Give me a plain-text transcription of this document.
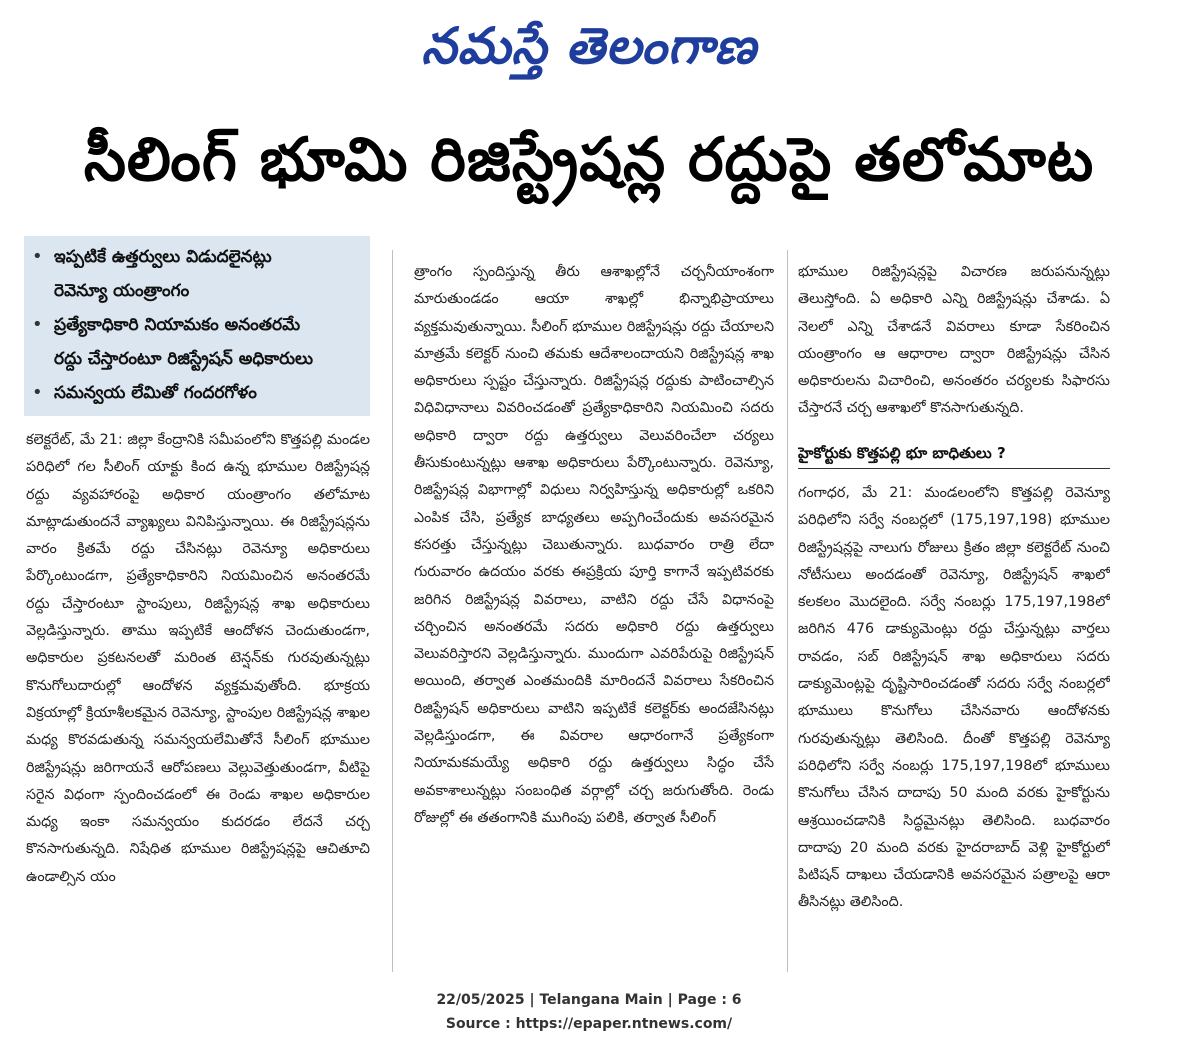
నమస్తే తెలంగాణ
సీలింగ్ భూమి రిజిస్ట్రేషన్ల రద్దుపై తలోమాట
• ఇప్పటికే ఉత్తర్వులు విడుదలైనట్లు
రెవెన్యూ యంత్రాంగం
• ప్రత్యేకాధికారి నియామకం అనంతరమే
రద్దు చేస్తారంటూ రిజిస్ట్రేషన్ అధికారులు
• సమన్వయ లేమితో గందరగోళం
కలెక్టరేట్, మే 21: జిల్లా కేంద్రానికి సమీపంలోని కొత్తపల్లి మండల పరిధిలో గల సీలింగ్ యాక్టు కింద ఉన్న భూముల రిజిస్ట్రేషన్ల రద్దు వ్యవహారంపై అధికార యంత్రాంగం తలోమాట మాట్లాడుతుందనే వ్యాఖ్యలు వినిపిస్తున్నాయి. ఈ రిజిస్ట్రేషన్లను వారం క్రితమే రద్దు చేసినట్లు రెవెన్యూ అధికారులు పేర్కొంటుండగా, ప్రత్యేకాధికారిని నియమించిన అనంతరమే రద్దు చేస్తారంటూ స్టాంపులు, రిజిస్ట్రేషన్ల శాఖ అధికారులు వెల్లడిస్తున్నారు. తాము ఇప్పటికే ఆందోళన చెందుతుండగా, అధికారుల ప్రకటనలతో మరింత టెన్షన్‌కు గురవుతున్నట్లు కొనుగోలుదారుల్లో ఆందోళన వ్యక్తమవుతోంది. భూక్రయ విక్రయాల్లో క్రియాశీలకమైన రెవెన్యూ, స్టాంపుల రిజిస్ట్రేషన్ల శాఖల మధ్య కొరవడుతున్న సమన్వయలేమితోనే సీలింగ్ భూముల రిజిస్ట్రేషన్లు జరిగాయనే ఆరోపణలు వెల్లువెత్తుతుండగా, వీటిపై సరైన విధంగా స్పందించడంలో ఈ రెండు శాఖల అధికారుల మధ్య ఇంకా సమన్వయం కుదరడం లేదనే చర్చ కొనసాగుతున్నది. నిషేధిత భూముల రిజిస్ట్రేషన్లపై ఆచితూచి ఉండాల్సిన యం
త్రాంగం స్పందిస్తున్న తీరు ఆశాఖల్లోనే చర్చనీయాంశంగా మారుతుండడం ఆయా శాఖల్లో భిన్నాభిప్రాయాలు వ్యక్తమవుతున్నాయి. సీలింగ్ భూముల రిజిస్ట్రేషన్లు రద్దు చేయాలని మాత్రమే కలెక్టర్ నుంచి తమకు ఆదేశాలందాయని రిజిస్ట్రేషన్ల శాఖ అధికారులు స్పష్టం చేస్తున్నారు. రిజిస్ట్రేషన్ల రద్దుకు పాటించాల్సిన విధివిధానాలు వివరించడంతో ప్రత్యేకాధికారిని నియమించి సదరు అధికారి ద్వారా రద్దు ఉత్తర్వులు వెలువరించేలా చర్యలు తీసుకుంటున్నట్లు ఆశాఖ అధికారులు పేర్కొంటున్నారు. రెవెన్యూ, రిజిస్ట్రేషన్ల విభాగాల్లో విధులు నిర్వహిస్తున్న అధికారుల్లో ఒకరిని ఎంపిక చేసి, ప్రత్యేక బాధ్యతలు అప్పగించేందుకు అవసరమైన కసరత్తు చేస్తున్నట్లు చెబుతున్నారు. బుధవారం రాత్రి లేదా గురువారం ఉదయం వరకు ఈప్రక్రియ పూర్తి కాగానే ఇప్పటివరకు జరిగిన రిజిస్ట్రేషన్ల వివరాలు, వాటిని రద్దు చేసే విధానంపై చర్చించిన అనంతరమే సదరు అధికారి రద్దు ఉత్తర్వులు వెలువరిస్తారని వెల్లడిస్తున్నారు. ముందుగా ఎవరిపేరుపై రిజిస్ట్రేషన్ అయింది, తర్వాత ఎంతమందికి మారిందనే వివరాలు సేకరించిన రిజిస్ట్రేషన్ అధికారులు వాటిని ఇప్పటికే కలెక్టర్‌కు అందజేసినట్లు వెల్లడిస్తుండగా, ఈ వివరాల ఆధారంగానే ప్రత్యేకంగా నియామకమయ్యే అధికారి రద్దు ఉత్తర్వులు సిద్ధం చేసే అవకాశాలున్నట్లు సంబంధిత వర్గాల్లో చర్చ జరుగుతోంది. రెండు రోజుల్లో ఈ తతంగానికి ముగింపు పలికి, తర్వాత సీలింగ్
భూముల రిజిస్ట్రేషన్లపై విచారణ జరుపనున్నట్లు తెలుస్తోంది. ఏ అధికారి ఎన్ని రిజిస్ట్రేషన్లు చేశాడు. ఏ నెలలో ఎన్ని చేశాడనే వివరాలు కూడా సేకరించిన యంత్రాంగం ఆ ఆధారాల ద్వారా రిజిస్ట్రేషన్లు చేసిన అధికారులను విచారించి, అనంతరం చర్యలకు సిఫారసు చేస్తారనే చర్చ ఆశాఖలో కొనసాగుతున్నది.
హైకోర్టుకు కొత్తపల్లి భూ బాధితులు ?
గంగాధర, మే 21: మండలంలోని కొత్తపల్లి రెవెన్యూ పరిధిలోని సర్వే నంబర్లలో (175,197,198) భూముల రిజిస్ట్రేషన్లపై నాలుగు రోజులు క్రితం జిల్లా కలెక్టరేట్ నుంచి నోటీసులు అందడంతో రెవెన్యూ, రిజిస్ట్రేషన్ శాఖలో కలకలం మొదలైంది. సర్వే నంబర్లు 175,197,198లో జరిగిన 476 డాక్యుమెంట్లు రద్దు చేస్తున్నట్లు వార్తలు రావడం, సబ్ రిజిస్ట్రేషన్ శాఖ అధికారులు సదరు డాక్యుమెంట్లపై దృష్టిసారించడంతో సదరు సర్వే నంబర్లలో భూములు కొనుగోలు చేసినవారు ఆందోళనకు గురవుతున్నట్లు తెలిసింది. దీంతో కొత్తపల్లి రెవెన్యూ పరిధిలోని సర్వే నంబర్లు 175,197,198లో భూములు కొనుగోలు చేసిన దాదాపు 50 మంది వరకు హైకోర్టును ఆశ్రయించడానికి సిద్ధమైనట్లు తెలిసింది. బుధవారం దాదాపు 20 మంది వరకు హైదరాబాద్ వెళ్లి హైకోర్టులో పిటిషన్ దాఖలు చేయడానికి అవసరమైన పత్రాలపై ఆరా తీసినట్లు తెలిసింది.
22/05/2025 | Telangana Main | Page : 6
Source : https://epaper.ntnews.com/
